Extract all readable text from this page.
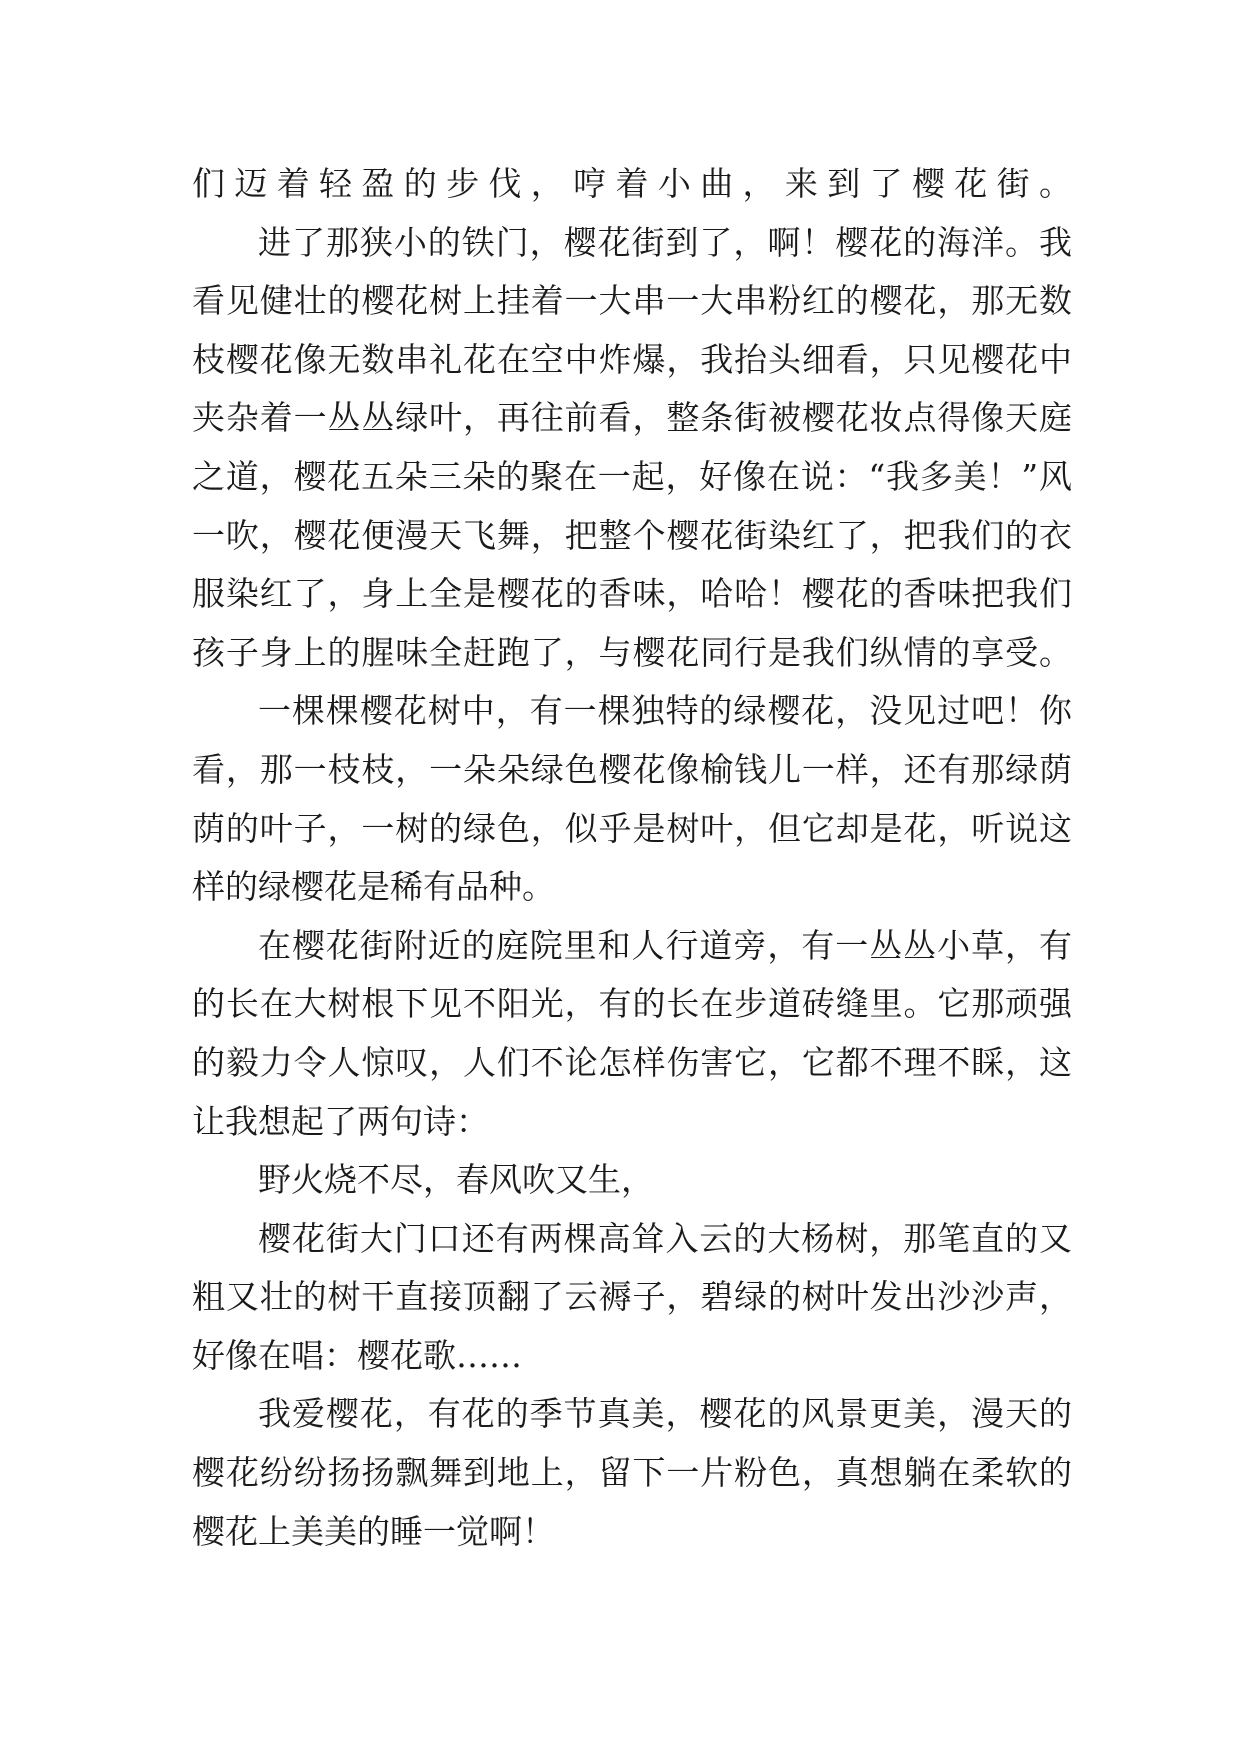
们迈着轻盈的步伐，哼着小曲，来到了樱花街。
进了那狭小的铁门，樱花街到了，啊！樱花的海洋。我
看见健壮的樱花树上挂着一大串一大串粉红的樱花，那无数
枝樱花像无数串礼花在空中炸爆，我抬头细看，只见樱花中
夹杂着一丛丛绿叶，再往前看，整条街被樱花妆点得像天庭
之道，樱花五朵三朵的聚在一起，好像在说：“我多美！”风
一吹，樱花便漫天飞舞，把整个樱花街染红了，把我们的衣
服染红了，身上全是樱花的香味，哈哈！樱花的香味把我们
孩子身上的腥味全赶跑了，与樱花同行是我们纵情的享受。
一棵棵樱花树中，有一棵独特的绿樱花，没见过吧！你
看，那一枝枝，一朵朵绿色樱花像榆钱儿一样，还有那绿荫
荫的叶子，一树的绿色，似乎是树叶，但它却是花，听说这
样的绿樱花是稀有品种。
在樱花街附近的庭院里和人行道旁，有一丛丛小草，有
的长在大树根下见不阳光，有的长在步道砖缝里。它那顽强
的毅力令人惊叹，人们不论怎样伤害它，它都不理不睬，这
让我想起了两句诗：
野火烧不尽，春风吹又生，
樱花街大门口还有两棵高耸入云的大杨树，那笔直的又
粗又壮的树干直接顶翻了云褥子，碧绿的树叶发出沙沙声，
好像在唱：樱花歌……
我爱樱花，有花的季节真美，樱花的风景更美，漫天的
樱花纷纷扬扬飘舞到地上，留下一片粉色，真想躺在柔软的
樱花上美美的睡一觉啊！
